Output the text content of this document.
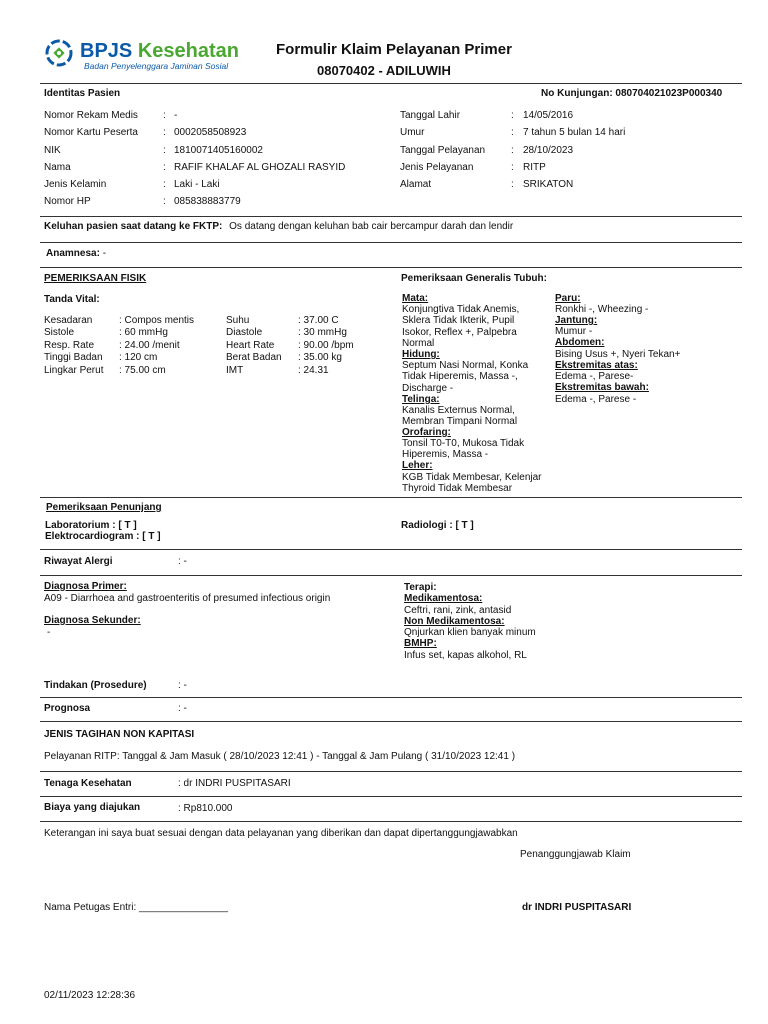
BPJS Kesehatan
Badan Penyelenggara Jaminan Sosial
Formulir Klaim Pelayanan Primer
08070402 - ADILUWIH
Identitas Pasien	No Kunjungan: 080704021023P000340
Nomor Rekam Medis	: -
Nomor Kartu Peserta	: 0002058508923
NIK	: 1810071405160002
Nama	: RAFIF KHALAF AL GHOZALI RASYID
Jenis Kelamin	: Laki - Laki
Nomor HP	: 085838883779
Tanggal Lahir	: 14/05/2016
Umur	: 7 tahun 5 bulan 14 hari
Tanggal Pelayanan	: 28/10/2023
Jenis Pelayanan	: RITP
Alamat	: SRIKATON
Keluhan pasien saat datang ke FKTP: Os datang dengan keluhan bab cair bercampur darah dan lendir
Anamnesa: -
PEMERIKSAAN FISIK
Tanda Vital:
Kesadaran	: Compos mentis
Sistole	: 60 mmHg
Resp. Rate : 24.00 /menit
Tinggi Badan : 120 cm
Lingkar Perut : 75.00 cm
Suhu	: 37.00 C
Diastole	: 30 mmHg
Heart Rate : 90.00 /bpm
Berat Badan : 35.00 kg
IMT	: 24.31
Pemeriksaan Generalis Tubuh:
Mata:
Konjungtiva Tidak Anemis,
Sklera Tidak Ikterik, Pupil
Isokor, Reflex +, Palpebra
Normal
Hidung:
Septum Nasi Normal, Konka
Tidak Hiperemis, Massa -,
Discharge -
Telinga:
Kanalis Externus Normal,
Membran Timpani Normal
Orofaring:
Tonsil T0-T0, Mukosa Tidak
Hiperemis, Massa -
Leher:
KGB Tidak Membesar, Kelenjar
Thyroid Tidak Membesar
Paru:
Ronkhi -, Wheezing -
Jantung:
Mumur -
Abdomen:
Bising Usus +, Nyeri Tekan+
Ekstremitas atas:
Edema -, Parese-
Ekstremitas bawah:
Edema -, Parese -
Pemeriksaan Penunjang
Laboratorium : [ T ]
Elektrocardiogram : [ T ]
Radiologi : [ T ]
Riwayat Alergi	: -
Diagnosa Primer:
A09 - Diarrhoea and gastroenteritis of presumed infectious origin
Diagnosa Sekunder:
-
Terapi:
Medikamentosa:
Ceftri, rani, zink, antasid
Non Medikamentosa:
Qnjurkan klien banyak minum
BMHP:
Infus set, kapas alkohol, RL
Tindakan (Prosedure)	: -
Prognosa	: -
JENIS TAGIHAN NON KAPITASI
Pelayanan RITP: Tanggal & Jam Masuk ( 28/10/2023 12:41 ) - Tanggal & Jam Pulang ( 31/10/2023 12:41 )
Tenaga Kesehatan	: dr INDRI PUSPITASARI
Biaya yang diajukan	: Rp810.000
Keterangan ini saya buat sesuai dengan data pelayanan yang diberikan dan dapat dipertanggungjawabkan
Penanggungjawab Klaim
Nama Petugas Entri: ________________	dr INDRI PUSPITASARI
02/11/2023 12:28:36
